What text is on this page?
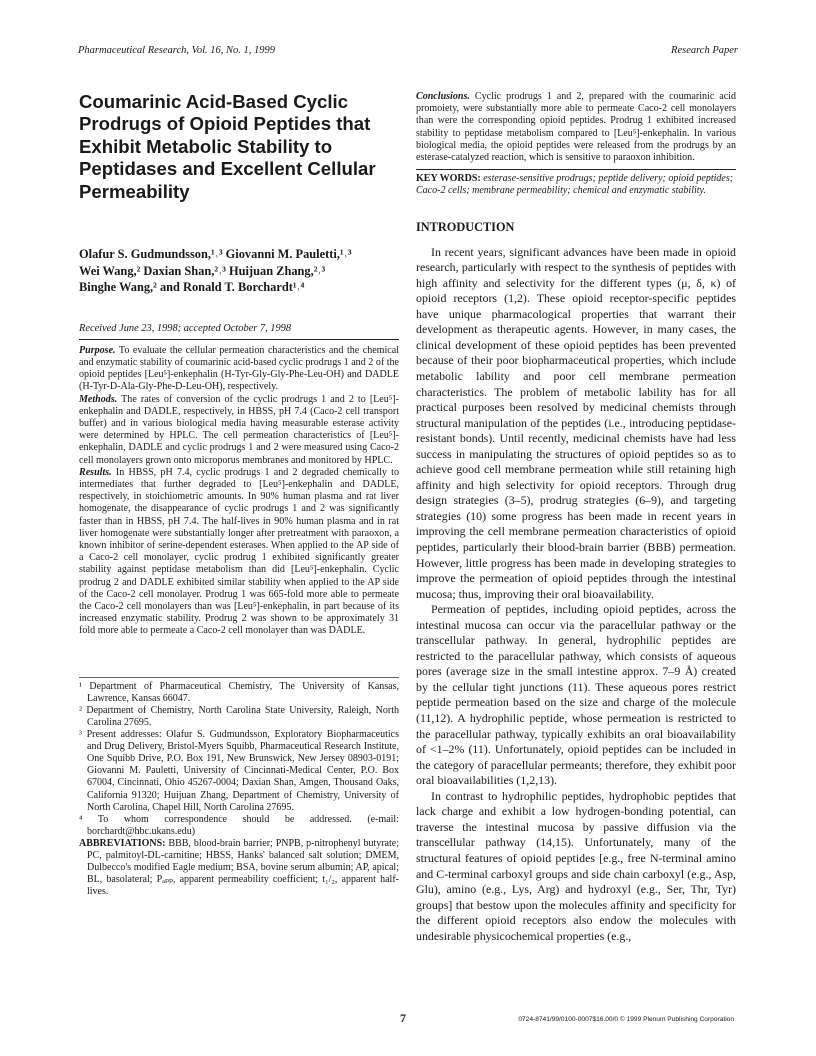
Pharmaceutical Research, Vol. 16, No. 1, 1999	Research Paper
Coumarinic Acid-Based Cyclic Prodrugs of Opioid Peptides that Exhibit Metabolic Stability to Peptidases and Excellent Cellular Permeability
Olafur S. Gudmundsson,¹˒³ Giovanni M. Pauletti,¹˒³
Wei Wang,² Daxian Shan,²˒³ Huijuan Zhang,²˒³
Binghe Wang,² and Ronald T. Borchardt¹˒⁴
Received June 23, 1998; accepted October 7, 1998

Purpose. To evaluate the cellular permeation characteristics and the chemical and enzymatic stability of coumarinic acid-based cyclic prodrugs 1 and 2 of the opioid peptides [Leu⁵]-enkephalin (H-Tyr-Gly-Gly-Phe-Leu-OH) and DADLE (H-Tyr-D-Ala-Gly-Phe-D-Leu-OH), respectively.

Methods. The rates of conversion of the cyclic prodrugs 1 and 2 to [Leu⁵]-enkephalin and DADLE, respectively, in HBSS, pH 7.4 (Caco-2 cell transport buffer) and in various biological media having measurable esterase activity were determined by HPLC. The cell permeation characteristics of [Leu⁵]-enkephalin, DADLE and cyclic prodrugs 1 and 2 were measured using Caco-2 cell monolayers grown onto microporus membranes and monitored by HPLC.

Results. In HBSS, pH 7.4, cyclic prodrugs 1 and 2 degraded chemically to intermediates that further degraded to [Leu⁵]-enkephalin and DADLE, respectively, in stoichiometric amounts. In 90% human plasma and rat liver homogenate, the disappearance of cyclic prodrugs 1 and 2 was significantly faster than in HBSS, pH 7.4. The half-lives in 90% human plasma and in rat liver homogenate were substantially longer after pretreatment with paraoxon, a known inhibitor of serine-dependent esterases. When applied to the AP side of a Caco-2 cell monolayer, cyclic prodrug 1 exhibited significantly greater stability against peptidase metabolism than did [Leu⁵]-enkephalin. Cyclic prodrug 2 and DADLE exhibited similar stability when applied to the AP side of the Caco-2 cell monolayer. Prodrug 1 was 665-fold more able to permeate the Caco-2 cell monolayers than was [Leu⁵]-enkephalin, in part because of its increased enzymatic stability. Prodrug 2 was shown to be approximately 31 fold more able to permeate a Caco-2 cell monolayer than was DADLE.

¹ Department of Pharmaceutical Chemistry, The University of Kansas, Lawrence, Kansas 66047.

² Department of Chemistry, North Carolina State University, Raleigh, North Carolina 27695.

³ Present addresses: Olafur S. Gudmundsson, Exploratory Biopharmaceutics and Drug Delivery, Bristol-Myers Squibb, Pharmaceutical Research Institute, One Squibb Drive, P.O. Box 191, New Brunswick, New Jersey 08903-0191; Giovanni M. Pauletti, University of Cincinnati-Medical Center, P.O. Box 67004, Cincinnati, Ohio 45267-0004; Daxian Shan, Amgen, Thousand Oaks, California 91320; Huijuan Zhang, Department of Chemistry, University of North Carolina, Chapel Hill, North Carolina 27695.

⁴ To whom correspondence should be addressed. (e-mail: borchardt@hbc.ukans.edu)

ABBREVIATIONS: BBB, blood-brain barrier; PNPB, p-nitrophenyl butyrate; PC, palmitoyl-DL-carnitine; HBSS, Hanks' balanced salt solution; DMEM, Dulbecco's modified Eagle medium; BSA, bovine serum albumin; AP, apical; BL, basolateral; Pₐₚₚ, apparent permeability coefficient; t₁/₂, apparent half-lives.

Conclusions. Cyclic prodrugs 1 and 2, prepared with the coumarinic acid promoiety, were substantially more able to permeate Caco-2 cell monolayers than were the corresponding opioid peptides. Prodrug 1 exhibited increased stability to peptidase metabolism compared to [Leu⁵]-enkephalin. In various biological media, the opioid peptides were released from the prodrugs by an esterase-catalyzed reaction, which is sensitive to paraoxon inhibition.

KEY WORDS: esterase-sensitive prodrugs; peptide delivery; opioid peptides; Caco-2 cells; membrane permeability; chemical and enzymatic stability.

INTRODUCTION

In recent years, significant advances have been made in opioid research, particularly with respect to the synthesis of peptides with high affinity and selectivity for the different types (μ, δ, κ) of opioid receptors (1,2). These opioid receptor-specific peptides have unique pharmacological properties that warrant their development as therapeutic agents. However, in many cases, the clinical development of these opioid peptides has been prevented because of their poor biopharmaceutical properties, which include metabolic lability and poor cell membrane permeation characteristics. The problem of metabolic lability has for all practical purposes been resolved by medicinal chemists through structural manipulation of the peptides (i.e., introducing peptidase-resistant bonds). Until recently, medicinal chemists have had less success in manipulating the structures of opioid peptides so as to achieve good cell membrane permeation while still retaining high affinity and high selectivity for opioid receptors. Through drug design strategies (3–5), prodrug strategies (6–9), and targeting strategies (10) some progress has been made in recent years in improving the cell membrane permeation characteristics of opioid peptides, particularly their blood-brain barrier (BBB) permeation. However, little progress has been made in developing strategies to improve the permeation of opioid peptides through the intestinal mucosa; thus, improving their oral bioavailability.

Permeation of peptides, including opioid peptides, across the intestinal mucosa can occur via the paracellular pathway or the transcellular pathway. In general, hydrophilic peptides are restricted to the paracellular pathway, which consists of aqueous pores (average size in the small intestine approx. 7–9 Å) created by the cellular tight junctions (11). These aqueous pores restrict peptide permeation based on the size and charge of the molecule (11,12). A hydrophilic peptide, whose permeation is restricted to the paracellular pathway, typically exhibits an oral bioavailability of <1–2% (11). Unfortunately, opioid peptides can be included in the category of paracellular permeants; therefore, they exhibit poor oral bioavailabilities (1,2,13).

In contrast to hydrophilic peptides, hydrophobic peptides that lack charge and exhibit a low hydrogen-bonding potential, can traverse the intestinal mucosa by passive diffusion via the transcellular pathway (14,15). Unfortunately, many of the structural features of opioid peptides [e.g., free N-terminal amino and C-terminal carboxyl groups and side chain carboxyl (e.g., Asp, Glu), amino (e.g., Lys, Arg) and hydroxyl (e.g., Ser, Thr, Tyr) groups] that bestow upon the molecules affinity and specificity for the different opioid receptors also endow the molecules with undesirable physicochemical properties (e.g.,

7	0724-8741/99/0100-0007$16.00/0 © 1999 Plenum Publishing Corporation
